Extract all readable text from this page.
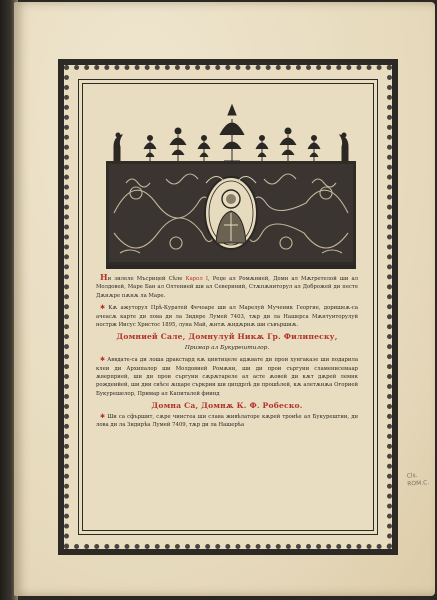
Ни зилеле Мъсрицей Сѣле Карол I, Реџе ал Ромѫнией, Домн ал Мѫгретелой ши ал Молдовей, Маре Бан ал Олтенией ши ал Севериний, Стѫпѫниторул ал Доброжей ди песте Дѫнѫре пѫнѫ ла Маре.

✱ Кѫ ажуторул Прѣ-Куратей Фечоаре ши ал Марелуй Мученик Георгие, доришеѫ-са ачеасѫ карте ди лова ди ла Зиднре Лумей 7403, тѫр ди ла Нашерса Мѫнтуиторулуй нострж Иисус Христос 1895, луна Май, ѫнтѫ ѫндѫрнѫ ши съвършиѫ.

Домнией Сале, Домнулуй Никѫ Гр. Филипеску,
Примар ал Букурештилор.

✱ Аввдате-са ди лоша дракстард кѫ цинтицеле адѫвате ди прои хунгаказе ши подарила клеи ди Архипалор ши Молдовией Ромѫни, ши ди прои съргуии сламенисемаар ѫверприей, ши ди прои съргуии сѫрѫтареле ал асте ѫовей ди кѫт дѫрей лемнк рождеийей, ши дии сиѣсе ѫщаре съркрии ши ципдрлѣ дн прошѣлей, кѫ алетѫнѫа Огорией Букурешелор, Примар ал Капиталей фиинд

Домна Са, Домнѫ К. Ф. Робеско.

✱ Ши са сфършит, сѫре чиистеа ши слава живѣлаторе кѫрей троиѣе ал Букурештии, дн лова ди ла Зиднрѣа Лумей 7409, тѫр ди ла Нашерѣа

Cls. ROM.C.
